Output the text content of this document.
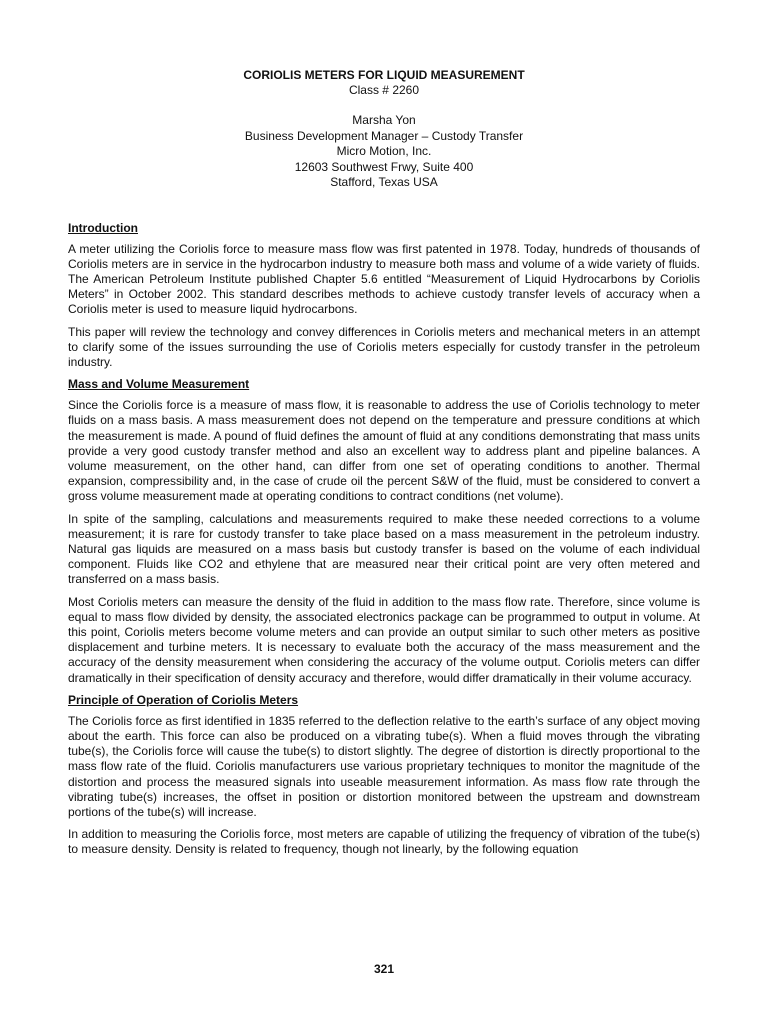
CORIOLIS METERS FOR LIQUID MEASUREMENT
Class # 2260
Marsha Yon
Business Development Manager – Custody Transfer
Micro Motion, Inc.
12603 Southwest Frwy, Suite 400
Stafford, Texas USA
Introduction

A meter utilizing the Coriolis force to measure mass flow was first patented in 1978. Today, hundreds of thousands of Coriolis meters are in service in the hydrocarbon industry to measure both mass and volume of a wide variety of fluids. The American Petroleum Institute published Chapter 5.6 entitled “Measurement of Liquid Hydrocarbons by Coriolis Meters” in October 2002. This standard describes methods to achieve custody transfer levels of accuracy when a Coriolis meter is used to measure liquid hydrocarbons.

This paper will review the technology and convey differences in Coriolis meters and mechanical meters in an attempt to clarify some of the issues surrounding the use of Coriolis meters especially for custody transfer in the petroleum industry.

Mass and Volume Measurement

Since the Coriolis force is a measure of mass flow, it is reasonable to address the use of Coriolis technology to meter fluids on a mass basis. A mass measurement does not depend on the temperature and pressure conditions at which the measurement is made. A pound of fluid defines the amount of fluid at any conditions demonstrating that mass units provide a very good custody transfer method and also an excellent way to address plant and pipeline balances. A volume measurement, on the other hand, can differ from one set of operating conditions to another. Thermal expansion, compressibility and, in the case of crude oil the percent S&W of the fluid, must be considered to convert a gross volume measurement made at operating conditions to contract conditions (net volume).

In spite of the sampling, calculations and measurements required to make these needed corrections to a volume measurement; it is rare for custody transfer to take place based on a mass measurement in the petroleum industry. Natural gas liquids are measured on a mass basis but custody transfer is based on the volume of each individual component. Fluids like CO2 and ethylene that are measured near their critical point are very often metered and transferred on a mass basis.

Most Coriolis meters can measure the density of the fluid in addition to the mass flow rate. Therefore, since volume is equal to mass flow divided by density, the associated electronics package can be programmed to output in volume. At this point, Coriolis meters become volume meters and can provide an output similar to such other meters as positive displacement and turbine meters. It is necessary to evaluate both the accuracy of the mass measurement and the accuracy of the density measurement when considering the accuracy of the volume output. Coriolis meters can differ dramatically in their specification of density accuracy and therefore, would differ dramatically in their volume accuracy.

Principle of Operation of Coriolis Meters

The Coriolis force as first identified in 1835 referred to the deflection relative to the earth’s surface of any object moving about the earth. This force can also be produced on a vibrating tube(s). When a fluid moves through the vibrating tube(s), the Coriolis force will cause the tube(s) to distort slightly. The degree of distortion is directly proportional to the mass flow rate of the fluid. Coriolis manufacturers use various proprietary techniques to monitor the magnitude of the distortion and process the measured signals into useable measurement information. As mass flow rate through the vibrating tube(s) increases, the offset in position or distortion monitored between the upstream and downstream portions of the tube(s) will increase.

In addition to measuring the Coriolis force, most meters are capable of utilizing the frequency of vibration of the tube(s) to measure density. Density is related to frequency, though not linearly, by the following equation

321
